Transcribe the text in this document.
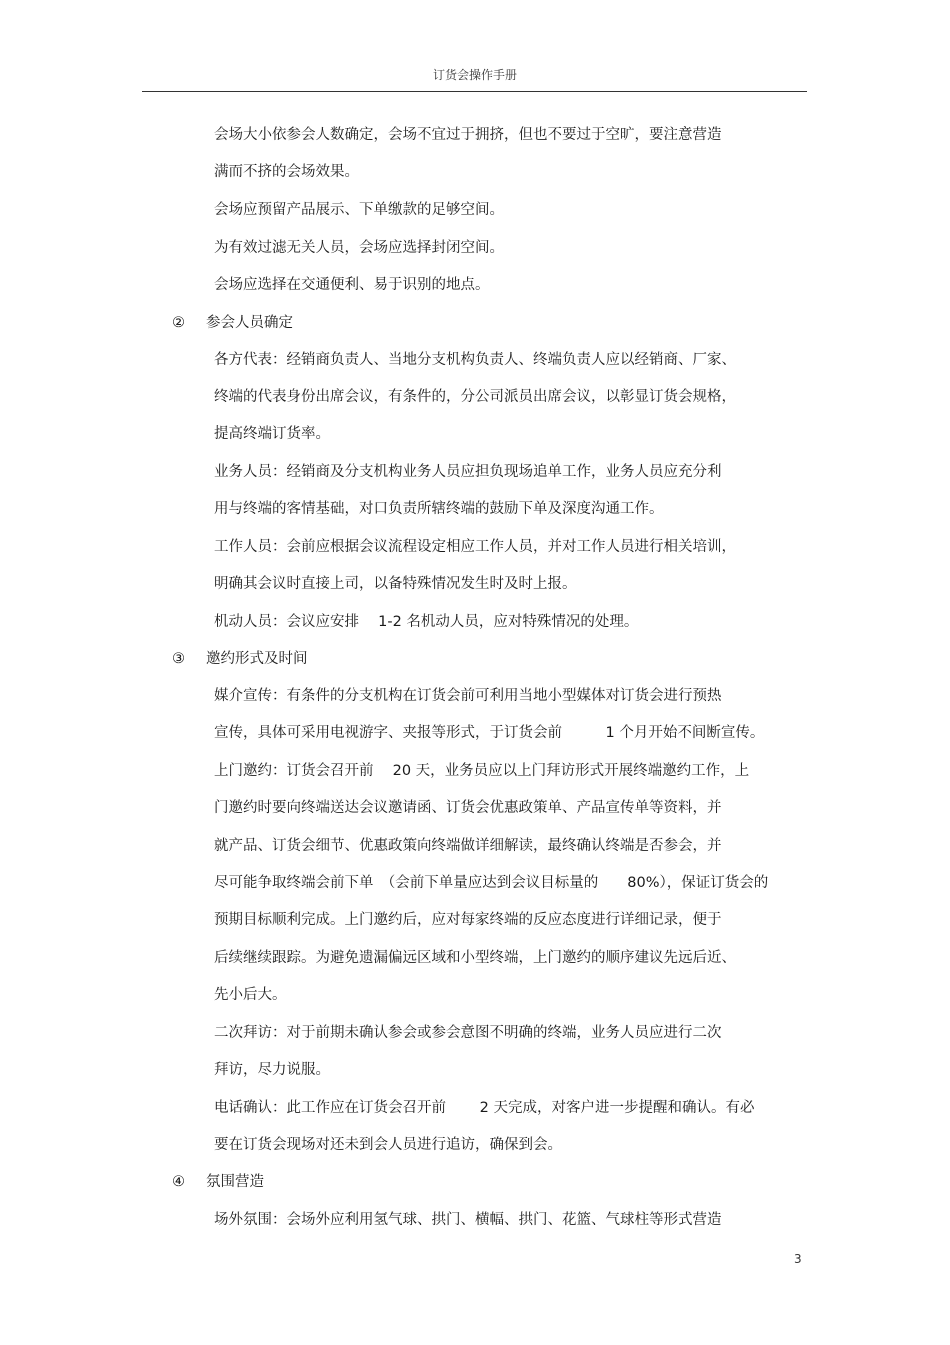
订货会操作手册
会场大小依参会人数确定，会场不宜过于拥挤，但也不要过于空旷，要注意营造
满而不挤的会场效果。
会场应预留产品展示、下单缴款的足够空间。
为有效过滤无关人员，会场应选择封闭空间。
会场应选择在交通便利、易于识别的地点。
② 参会人员确定
各方代表：经销商负责人、当地分支机构负责人、终端负责人应以经销商、厂家、
终端的代表身份出席会议，有条件的，分公司派员出席会议，以彰显订货会规格，
提高终端订货率。
业务人员：经销商及分支机构业务人员应担负现场追单工作，业务人员应充分利
用与终端的客情基础，对口负责所辖终端的鼓励下单及深度沟通工作。
工作人员：会前应根据会议流程设定相应工作人员，并对工作人员进行相关培训，
明确其会议时直接上司，以备特殊情况发生时及时上报。
机动人员：会议应安排　 1-2 名机动人员，应对特殊情况的处理。
③ 邀约形式及时间
媒介宣传：有条件的分支机构在订货会前可利用当地小型媒体对订货会进行预热
宣传，具体可采用电视游字、夹报等形式，于订货会前　　　1 个月开始不间断宣传。
上门邀约：订货会召开前　 20 天，业务员应以上门拜访形式开展终端邀约工作，上
门邀约时要向终端送达会议邀请函、订货会优惠政策单、产品宣传单等资料，并
就产品、订货会细节、优惠政策向终端做详细解读，最终确认终端是否参会，并
尽可能争取终端会前下单　（会前下单量应达到会议目标量的　　80%），保证订货会的
预期目标顺利完成。上门邀约后，应对每家终端的反应态度进行详细记录，便于
后续继续跟踪。为避免遗漏偏远区域和小型终端，上门邀约的顺序建议先远后近、
先小后大。
二次拜访：对于前期未确认参会或参会意图不明确的终端，业务人员应进行二次
拜访，尽力说服。
电话确认：此工作应在订货会召开前　　 2 天完成，对客户进一步提醒和确认。有必
要在订货会现场对还未到会人员进行追访，确保到会。
④ 氛围营造
场外氛围：会场外应利用氢气球、拱门、横幅、拱门、花篮、气球柱等形式营造
3
